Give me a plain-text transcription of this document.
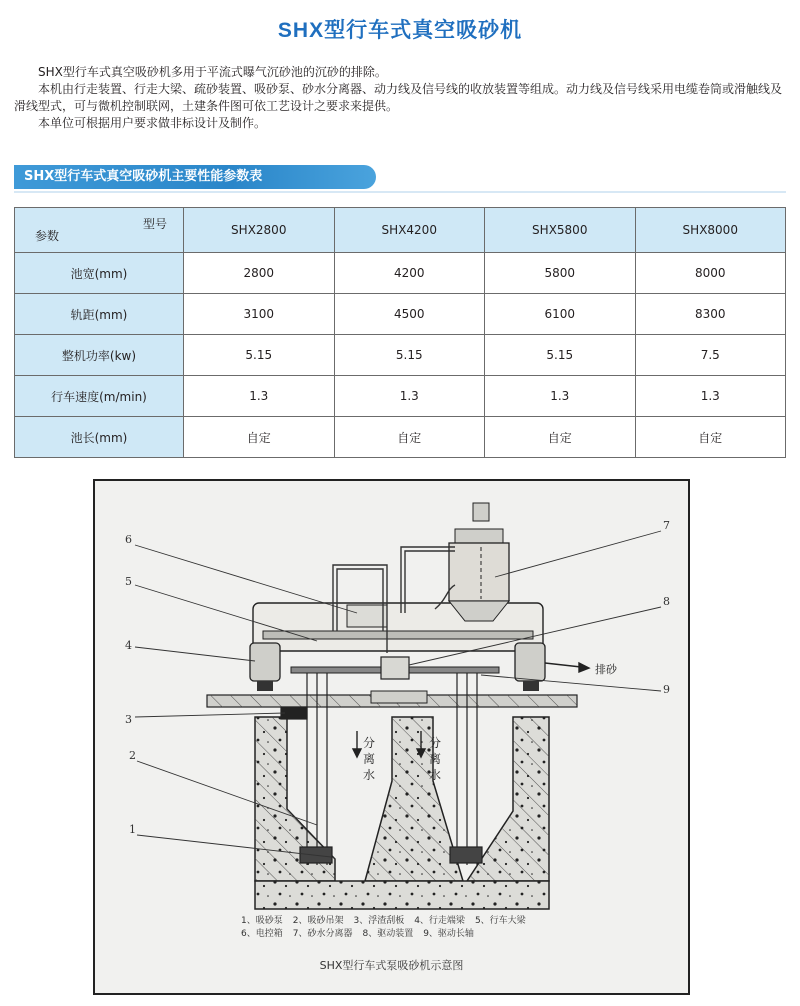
SHX型行车式真空吸砂机

SHX型行车式真空吸砂机多用于平流式曝气沉砂池的沉砂的排除。

本机由行走装置、行走大梁、疏砂装置、吸砂泵、砂水分离器、动力线及信号线的收放装置等组成。动力线及信号线采用电缆卷筒或滑触线及滑线型式，可与微机控制联网，土建条件图可依工艺设计之要求来提供。

本单位可根据用户要求做非标设计及制作。

SHX型行车式真空吸砂机主要性能参数表
型号
参数	SHX2800	SHX4200	SHX5800	SHX8000
池宽(mm)	2800	4200	5800	8000
轨距(mm)	3100	4500	6100	8300
整机功率(kw)	5.15	5.15	5.15	7.5
行车速度(m/min)	1.3	1.3	1.3	1.3
池长(mm)	自定	自定	自定	自定
1
2
3
4
5
6
7
8
9
排砂
分
离
水
分
离
水
1、吸砂泵 2、吸砂吊架 3、浮渣刮板 4、行走端梁 5、行车大梁
6、电控箱 7、砂水分离器 8、驱动装置 9、驱动长轴
SHX型行车式泵吸砂机示意图
